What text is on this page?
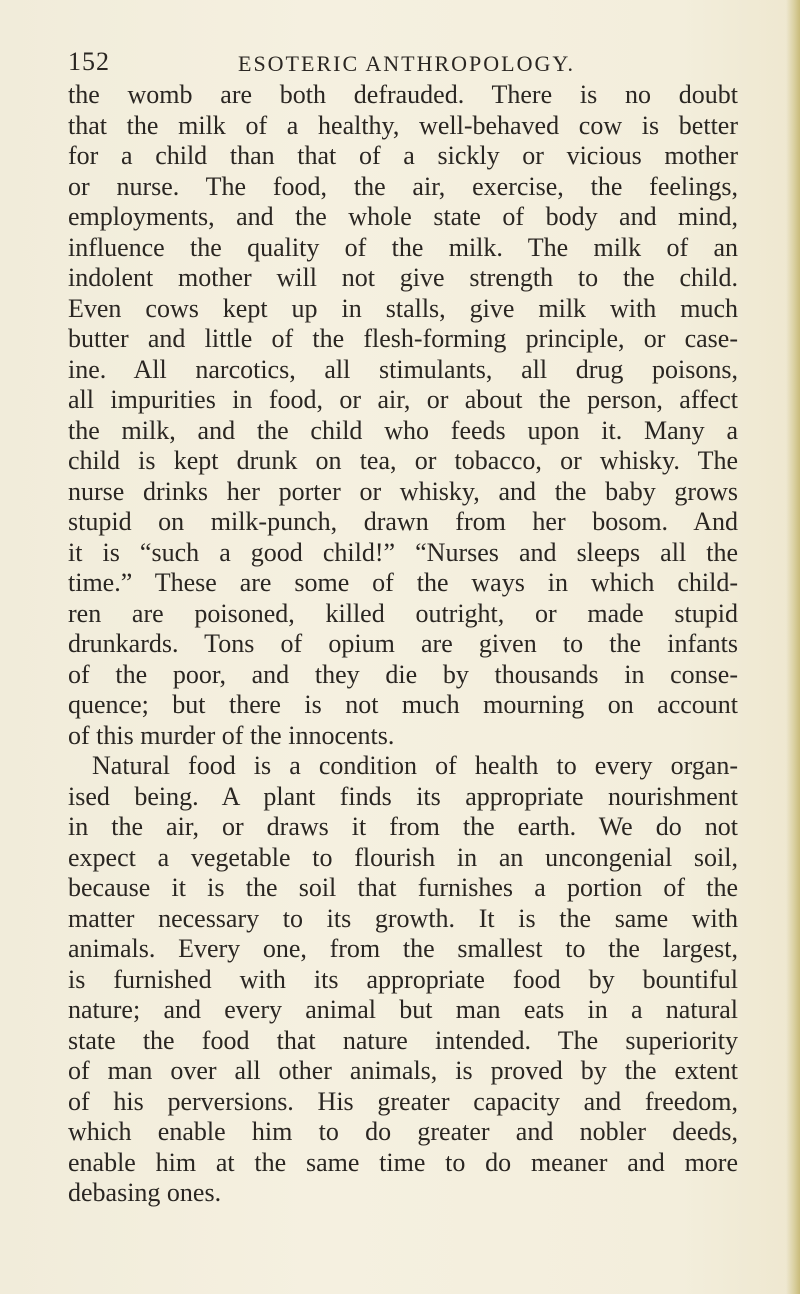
152	ESOTERIC ANTHROPOLOGY.
the womb are both defrauded. There is no doubt
that the milk of a healthy, well-behaved cow is better
for a child than that of a sickly or vicious mother
or nurse. The food, the air, exercise, the feelings,
employments, and the whole state of body and mind,
influence the quality of the milk. The milk of an
indolent mother will not give strength to the child.
Even cows kept up in stalls, give milk with much
butter and little of the flesh-forming principle, or case-
ine. All narcotics, all stimulants, all drug poisons,
all impurities in food, or air, or about the person, affect
the milk, and the child who feeds upon it. Many a
child is kept drunk on tea, or tobacco, or whisky. The
nurse drinks her porter or whisky, and the baby grows
stupid on milk-punch, drawn from her bosom. And
it is “such a good child!” “Nurses and sleeps all the
time.” These are some of the ways in which child-
ren are poisoned, killed outright, or made stupid
drunkards. Tons of opium are given to the infants
of the poor, and they die by thousands in conse-
quence; but there is not much mourning on account
of this murder of the innocents.
Natural food is a condition of health to every organ-
ised being. A plant finds its appropriate nourishment
in the air, or draws it from the earth. We do not
expect a vegetable to flourish in an uncongenial soil,
because it is the soil that furnishes a portion of the
matter necessary to its growth. It is the same with
animals. Every one, from the smallest to the largest,
is furnished with its appropriate food by bountiful
nature; and every animal but man eats in a natural
state the food that nature intended. The superiority
of man over all other animals, is proved by the extent
of his perversions. His greater capacity and freedom,
which enable him to do greater and nobler deeds,
enable him at the same time to do meaner and more
debasing ones.
